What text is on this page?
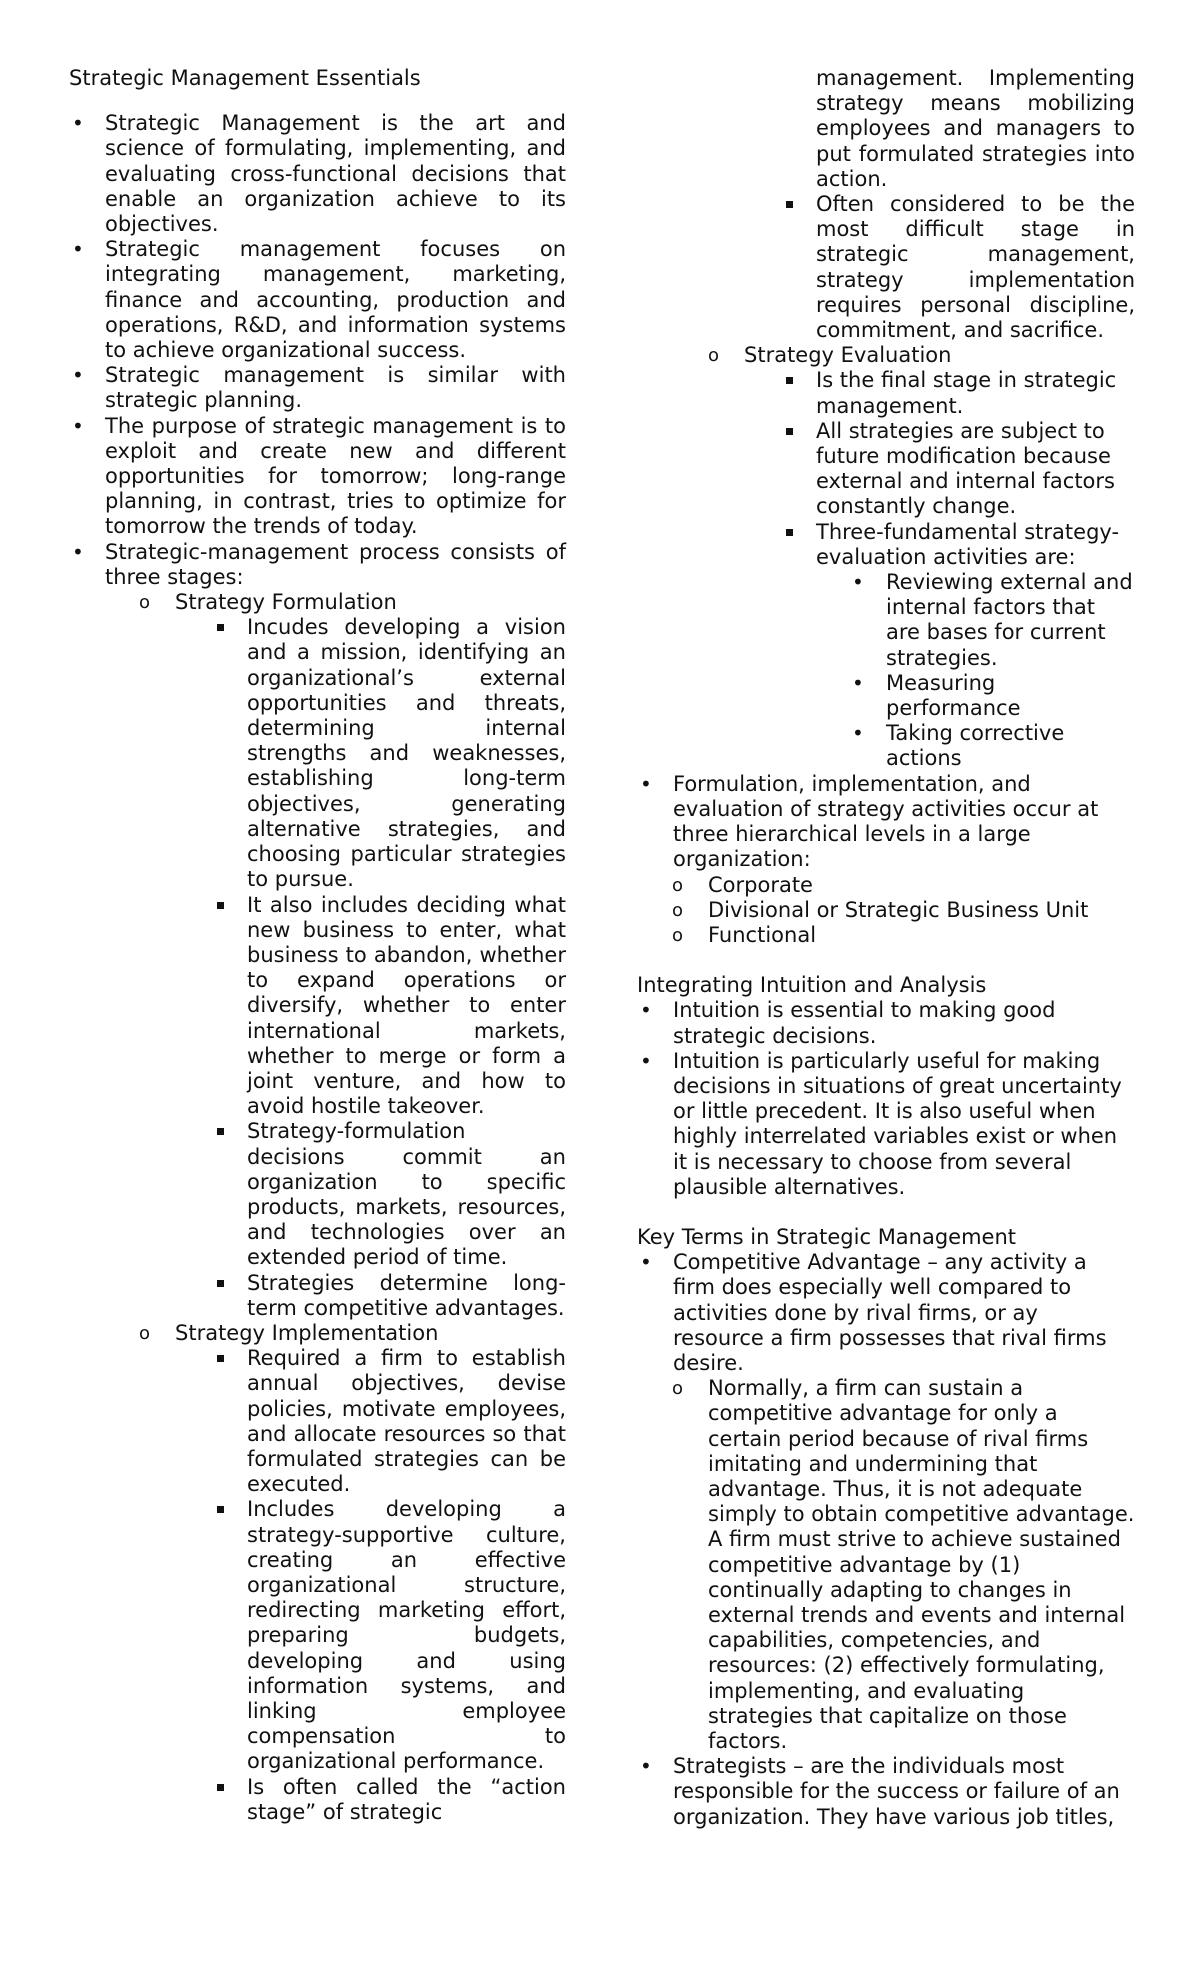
Strategic Management Essentials

• Strategic Management is the art and science of formulating, implementing, and evaluating cross-functional decisions that enable an organization achieve to its objectives.
• Strategic management focuses on integrating management, marketing, finance and accounting, production and operations, R&D, and information systems to achieve organizational success.
• Strategic management is similar with strategic planning.
• The purpose of strategic management is to exploit and create new and different opportunities for tomorrow; long-range planning, in contrast, tries to optimize for tomorrow the trends of today.
• Strategic-management process consists of three stages:
o Strategy Formulation
Incudes developing a vision and a mission, identifying an organizational’s external opportunities and threats, determining internal strengths and weaknesses, establishing long-term objectives, generating alternative strategies, and choosing particular strategies to pursue.
It also includes deciding what new business to enter, what business to abandon, whether to expand operations or diversify, whether to enter international markets, whether to merge or form a joint venture, and how to avoid hostile takeover.
Strategy-formulation decisions commit an organization to specific products, markets, resources, and technologies over an extended period of time.
Strategies determine long-term competitive advantages.
o Strategy Implementation
Required a firm to establish annual objectives, devise policies, motivate employees, and allocate resources so that formulated strategies can be executed.
Includes developing a strategy-supportive culture, creating an effective organizational structure, redirecting marketing effort, preparing budgets, developing and using information systems, and linking employee compensation to organizational performance.
Is often called the “action stage” of strategic
management. Implementing strategy means mobilizing employees and managers to put formulated strategies into action.
Often considered to be the most difficult stage in strategic management, strategy implementation requires personal discipline, commitment, and sacrifice.
o Strategy Evaluation
Is the final stage in strategic management.
All strategies are subject to future modification because external and internal factors constantly change.
Three-fundamental strategy-evaluation activities are:
• Reviewing external and internal factors that are bases for current strategies.
• Measuring performance
• Taking corrective actions
• Formulation, implementation, and evaluation of strategy activities occur at three hierarchical levels in a large organization:
o Corporate
o Divisional or Strategic Business Unit
o Functional

Integrating Intuition and Analysis

• Intuition is essential to making good strategic decisions.
• Intuition is particularly useful for making decisions in situations of great uncertainty or little precedent. It is also useful when highly interrelated variables exist or when it is necessary to choose from several plausible alternatives.

Key Terms in Strategic Management

• Competitive Advantage – any activity a firm does especially well compared to activities done by rival firms, or ay resource a firm possesses that rival firms desire.
o Normally, a firm can sustain a competitive advantage for only a certain period because of rival firms imitating and undermining that advantage. Thus, it is not adequate simply to obtain competitive advantage. A firm must strive to achieve sustained competitive advantage by (1) continually adapting to changes in external trends and events and internal capabilities, competencies, and resources: (2) effectively formulating, implementing, and evaluating strategies that capitalize on those factors.
• Strategists – are the individuals most responsible for the success or failure of an organization. They have various job titles,
